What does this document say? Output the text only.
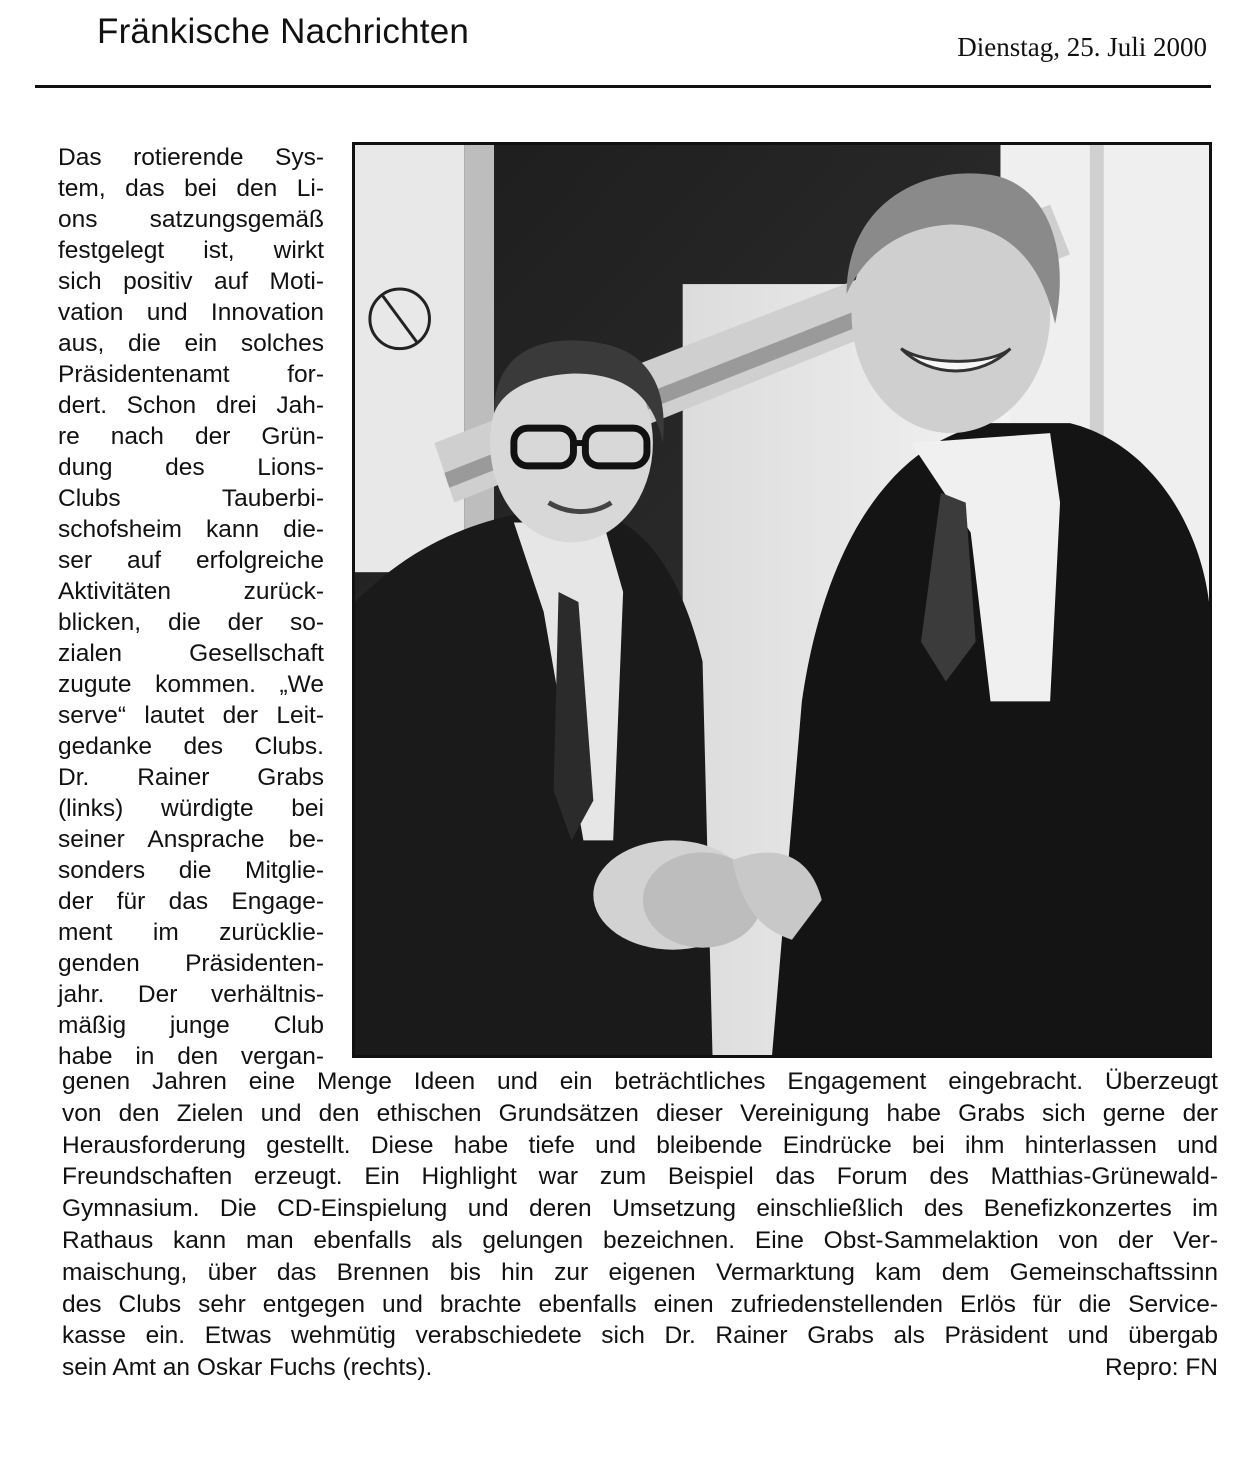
Fränkische Nachrichten	Dienstag, 25. Juli 2000
Das rotierende Sys-
tem, das bei den Li-
ons satzungsgemäß
festgelegt ist, wirkt
sich positiv auf Moti-
vation und Innovation
aus, die ein solches
Präsidentenamt for-
dert. Schon drei Jah-
re nach der Grün-
dung des Lions-
Clubs Tauberbi-
schofsheim kann die-
ser auf erfolgreiche
Aktivitäten zurück-
blicken, die der so-
zialen Gesellschaft
zugute kommen. „We
serve“ lautet der Leit-
gedanke des Clubs.
Dr. Rainer Grabs
(links) würdigte bei
seiner Ansprache be-
sonders die Mitglie-
der für das Engage-
ment im zurücklie-
genden Präsidenten-
jahr. Der verhältnis-
mäßig junge Club
habe in den vergan-
genen Jahren eine Menge Ideen und ein beträchtliches Engagement eingebracht. Überzeugt
von den Zielen und den ethischen Grundsätzen dieser Vereinigung habe Grabs sich gerne der
Herausforderung gestellt. Diese habe tiefe und bleibende Eindrücke bei ihm hinterlassen und
Freundschaften erzeugt. Ein Highlight war zum Beispiel das Forum des Matthias-Grünewald-
Gymnasium. Die CD-Einspielung und deren Umsetzung einschließlich des Benefizkonzertes im
Rathaus kann man ebenfalls als gelungen bezeichnen. Eine Obst-Sammelaktion von der Ver-
maischung, über das Brennen bis hin zur eigenen Vermarktung kam dem Gemeinschaftssinn
des Clubs sehr entgegen und brachte ebenfalls einen zufriedenstellenden Erlös für die Service-
kasse ein. Etwas wehmütig verabschiedete sich Dr. Rainer Grabs als Präsident und übergab
sein Amt an Oskar Fuchs (rechts).	Repro: FN
